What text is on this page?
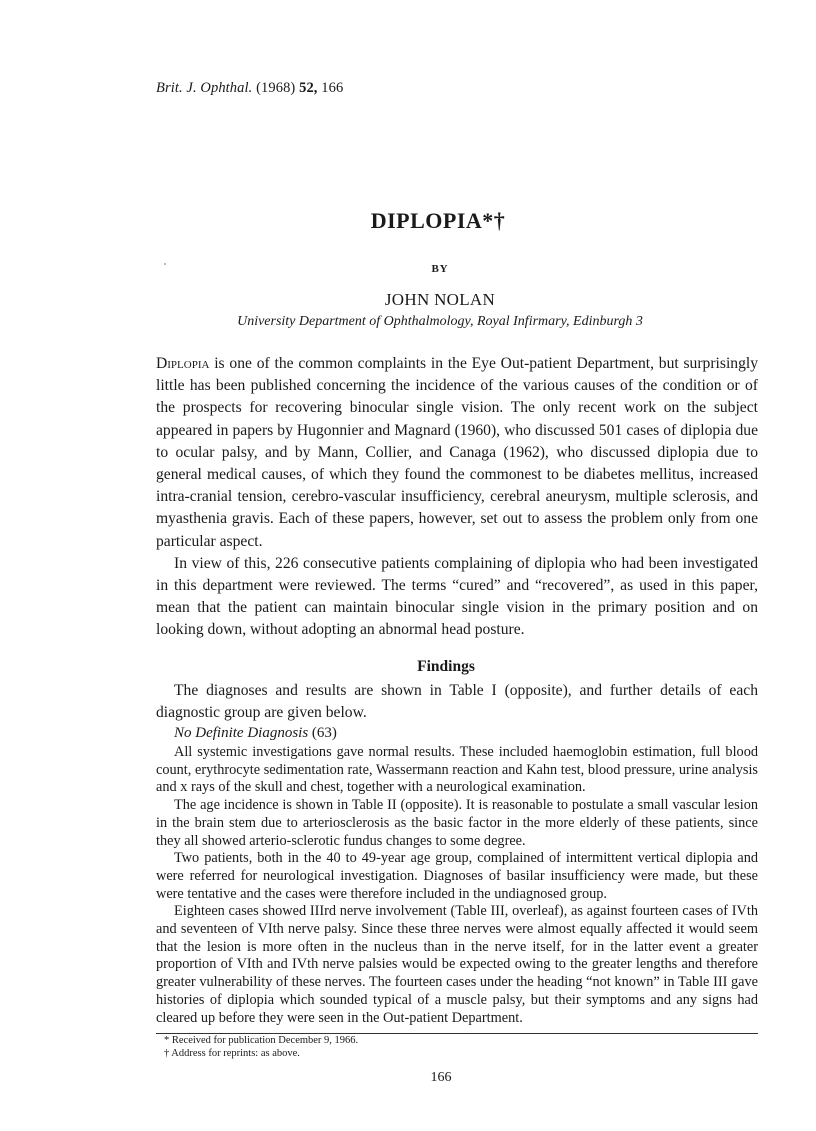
Brit. J. Ophthal. (1968) 52, 166
DIPLOPIA*†
BY
JOHN NOLAN
University Department of Ophthalmology, Royal Infirmary, Edinburgh 3

Diplopia is one of the common complaints in the Eye Out-patient Department, but surprisingly little has been published concerning the incidence of the various causes of the condition or of the prospects for recovering binocular single vision. The only recent work on the subject appeared in papers by Hugonnier and Magnard (1960), who discussed 501 cases of diplopia due to ocular palsy, and by Mann, Collier, and Canaga (1962), who discussed diplopia due to general medical causes, of which they found the commonest to be diabetes mellitus, increased intra-cranial tension, cerebro-vascular insufficiency, cerebral aneurysm, multiple sclerosis, and myasthenia gravis. Each of these papers, however, set out to assess the problem only from one particular aspect.

In view of this, 226 consecutive patients complaining of diplopia who had been investigated in this department were reviewed. The terms “cured” and “recovered”, as used in this paper, mean that the patient can maintain binocular single vision in the primary position and on looking down, without adopting an abnormal head posture.

Findings

The diagnoses and results are shown in Table I (opposite), and further details of each diagnostic group are given below.

No Definite Diagnosis (63)

All systemic investigations gave normal results. These included haemoglobin estimation, full blood count, erythrocyte sedimentation rate, Wassermann reaction and Kahn test, blood pressure, urine analysis and x rays of the skull and chest, together with a neurological examination.

The age incidence is shown in Table II (opposite). It is reasonable to postulate a small vascular lesion in the brain stem due to arteriosclerosis as the basic factor in the more elderly of these patients, since they all showed arterio-sclerotic fundus changes to some degree.

Two patients, both in the 40 to 49-year age group, complained of intermittent vertical diplopia and were referred for neurological investigation. Diagnoses of basilar insufficiency were made, but these were tentative and the cases were therefore included in the undiagnosed group.

Eighteen cases showed IIIrd nerve involvement (Table III, overleaf), as against fourteen cases of IVth and seventeen of VIth nerve palsy. Since these three nerves were almost equally affected it would seem that the lesion is more often in the nucleus than in the nerve itself, for in the latter event a greater proportion of VIth and IVth nerve palsies would be expected owing to the greater lengths and therefore greater vulnerability of these nerves. The fourteen cases under the heading “not known” in Table III gave histories of diplopia which sounded typical of a muscle palsy, but their symptoms and any signs had cleared up before they were seen in the Out-patient Department.

* Received for publication December 9, 1966.
† Address for reprints: as above.
166
